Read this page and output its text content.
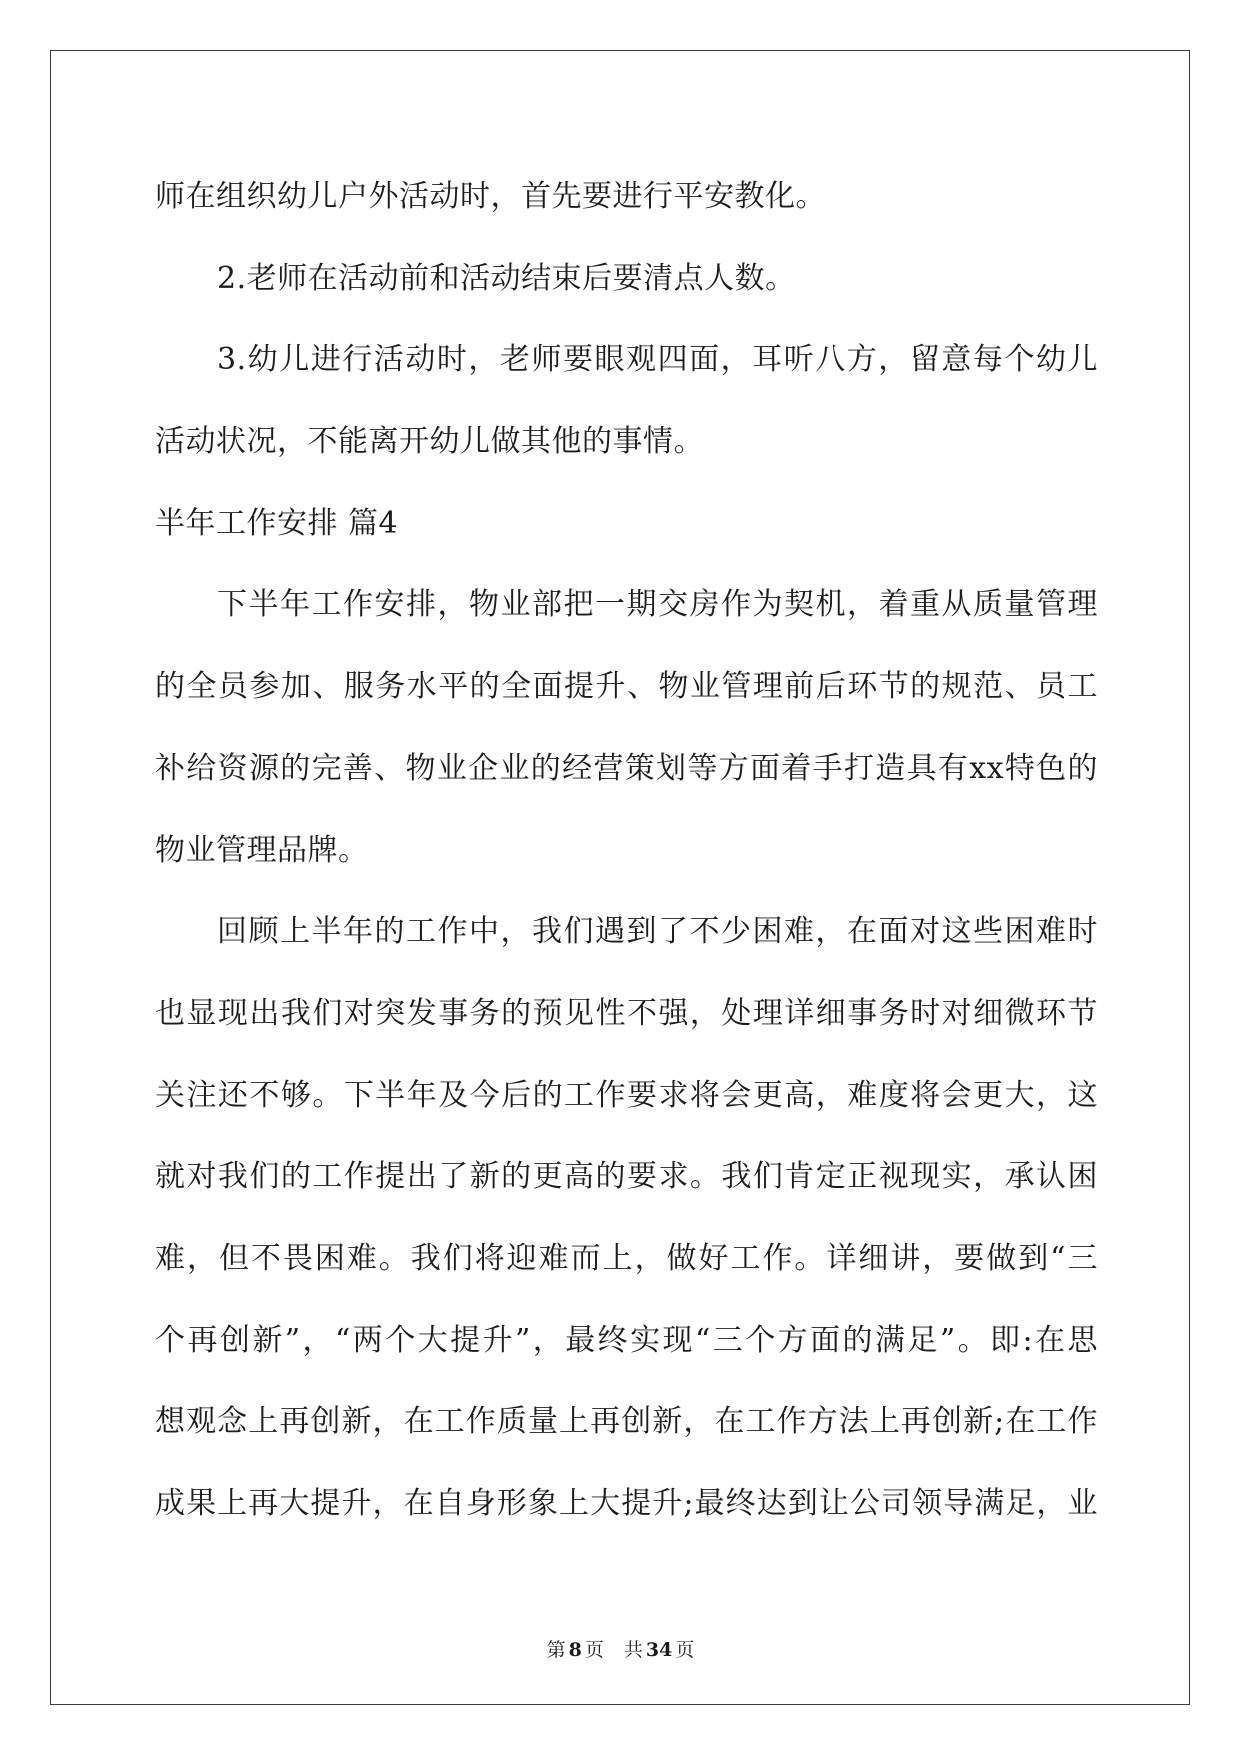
师在组织幼儿户外活动时，首先要进行平安教化。
2.老师在活动前和活动结束后要清点人数。
3.幼儿进行活动时，老师要眼观四面，耳听八方，留意每个幼儿
活动状况，不能离开幼儿做其他的事情。
半年工作安排 篇4
下半年工作安排，物业部把一期交房作为契机，着重从质量管理
的全员参加、服务水平的全面提升、物业管理前后环节的规范、员工
补给资源的完善、物业企业的经营策划等方面着手打造具有xx特色的
物业管理品牌。
回顾上半年的工作中，我们遇到了不少困难，在面对这些困难时
也显现出我们对突发事务的预见性不强，处理详细事务时对细微环节
关注还不够。下半年及今后的工作要求将会更高，难度将会更大，这
就对我们的工作提出了新的更高的要求。我们肯定正视现实，承认困
难，但不畏困难。我们将迎难而上，做好工作。详细讲，要做到“三
个再创新”，“两个大提升”，最终实现“三个方面的满足”。即:在思
想观念上再创新，在工作质量上再创新，在工作方法上再创新;在工作
成果上再大提升，在自身形象上大提升;最终达到让公司领导满足，业
第 8 页 共 34 页
